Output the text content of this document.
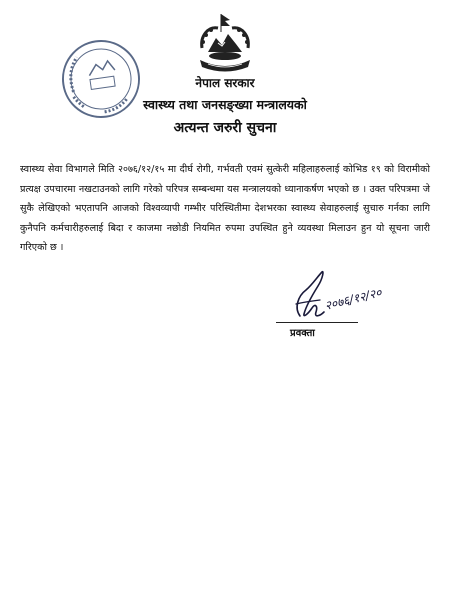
नेपाल सरकार
स्वास्थ्य तथा जनसङ्ख्या मन्त्रालयको
अत्यन्त जरुरी सुचना

स्वास्थ्य सेवा विभागले मिति २०७६/१२/१५ मा दीर्घ रोगी, गर्भवती एवमं सुत्केरी महिलाहरुलाई कोभिड १९ को विरामीको प्रत्यक्ष उपचारमा नखटाउनको लागि गरेको परिपत्र सम्बन्धमा यस मन्त्रालयको ध्यानाकर्षण भएको छ । उक्त परिपत्रमा जे सुकै लेखिएको भएतापनि आजको विश्वव्यापी गम्भीर परिस्थितीमा देशभरका स्वास्थ्य सेवाहरुलाई सुचारु गर्नका लागि कुनैपनि कर्मचारीहरुलाई बिदा र काजमा नछोडी नियमित रुपमा उपस्थित हुने व्यवस्था मिलाउन हुन यो सूचना जारी गरिएको छ ।

२०७६/१२/२०
प्रवक्ता
